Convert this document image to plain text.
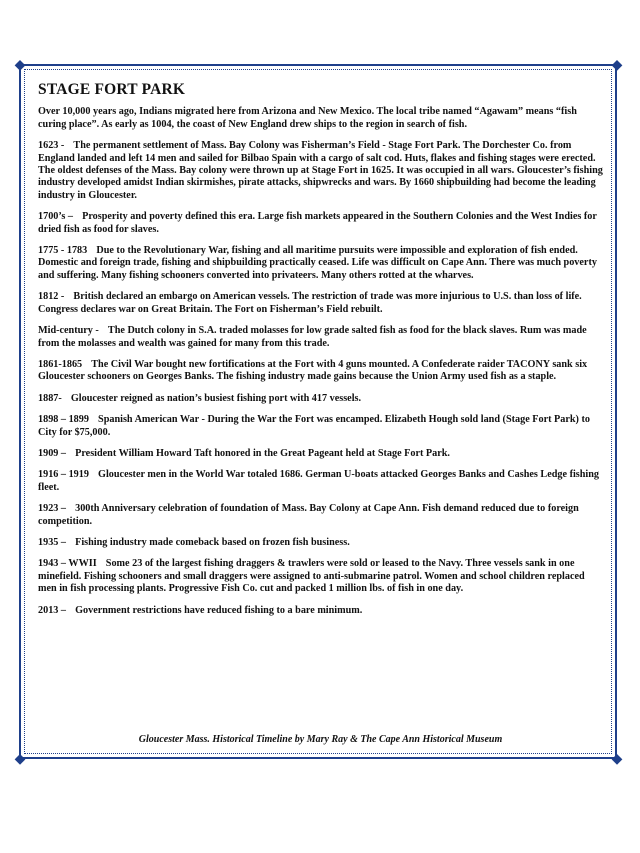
◆	◆
◆	◆
STAGE FORT PARK

Over 10,000 years ago, Indians migrated here from Arizona and New Mexico. The local tribe named “Agawam” means “fish curing place”. As early as 1004, the coast of New England drew ships to the region in search of fish.

1623 - The permanent settlement of Mass. Bay Colony was Fisherman’s Field - Stage Fort Park. The Dorchester Co. from England landed and left 14 men and sailed for Bilbao Spain with a cargo of salt cod. Huts, flakes and fishing stages were erected. The oldest defenses of the Mass. Bay colony were thrown up at Stage Fort in 1625. It was occupied in all wars. Gloucester’s fishing industry developed amidst Indian skirmishes, pirate attacks, shipwrecks and wars. By 1660 shipbuilding had become the leading industry in Gloucester.

1700’s – Prosperity and poverty defined this era. Large fish markets appeared in the Southern Colonies and the West Indies for dried fish as food for slaves.

1775 - 1783 Due to the Revolutionary War, fishing and all maritime pursuits were impossible and exploration of fish ended. Domestic and foreign trade, fishing and shipbuilding practically ceased. Life was difficult on Cape Ann. There was much poverty and suffering. Many fishing schooners converted into privateers. Many others rotted at the wharves.

1812 - British declared an embargo on American vessels. The restriction of trade was more injurious to U.S. than loss of life. Congress declares war on Great Britain. The Fort on Fisherman’s Field rebuilt.

Mid-century - The Dutch colony in S.A. traded molasses for low grade salted fish as food for the black slaves. Rum was made from the molasses and wealth was gained for many from this trade.

1861-1865 The Civil War bought new fortifications at the Fort with 4 guns mounted. A Confederate raider TACONY sank six Gloucester schooners on Georges Banks. The fishing industry made gains because the Union Army used fish as a staple.

1887- Gloucester reigned as nation’s busiest fishing port with 417 vessels.

1898 – 1899 Spanish American War - During the War the Fort was encamped. Elizabeth Hough sold land (Stage Fort Park) to City for $75,000.

1909 – President William Howard Taft honored in the Great Pageant held at Stage Fort Park.

1916 – 1919 Gloucester men in the World War totaled 1686. German U-boats attacked Georges Banks and Cashes Ledge fishing fleet.

1923 – 300th Anniversary celebration of foundation of Mass. Bay Colony at Cape Ann. Fish demand reduced due to foreign competition.

1935 – Fishing industry made comeback based on frozen fish business.

1943 – WWII Some 23 of the largest fishing draggers & trawlers were sold or leased to the Navy. Three vessels sank in one minefield. Fishing schooners and small draggers were assigned to anti-submarine patrol. Women and school children replaced men in fish processing plants. Progressive Fish Co. cut and packed 1 million lbs. of fish in one day.

2013 – Government restrictions have reduced fishing to a bare minimum.

Gloucester Mass. Historical Timeline by Mary Ray & The Cape Ann Historical Museum
